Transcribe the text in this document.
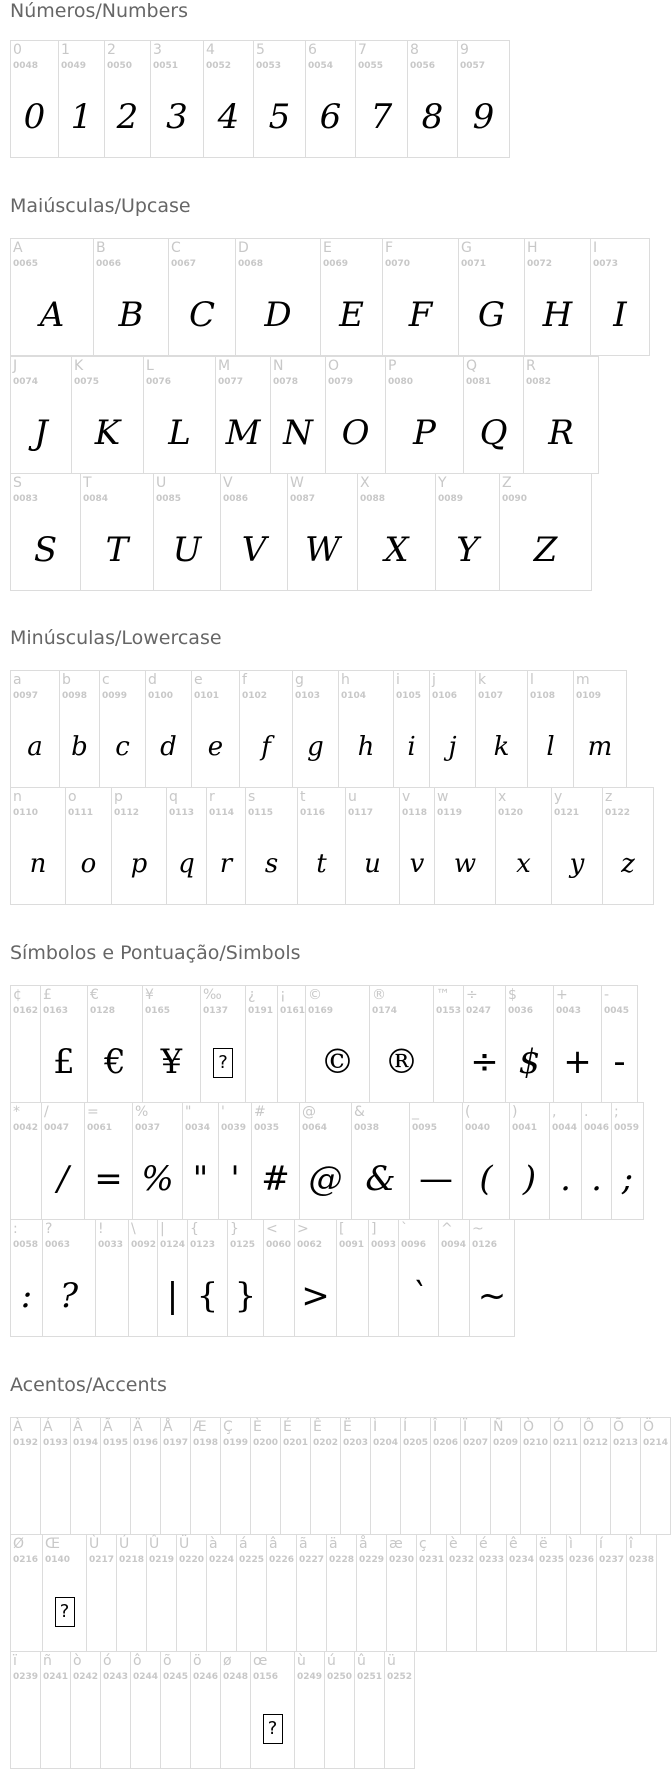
Números/Numbers
0
0048
0
1
0049
1
2
0050
2
3
0051
3
4
0052
4
5
0053
5
6
0054
6
7
0055
7
8
0056
8
9
0057
9
Maiúsculas/Upcase
A
0065
A
B
0066
B
C
0067
C
D
0068
D
E
0069
E
F
0070
F
G
0071
G
H
0072
H
I
0073
I
J
0074
J
K
0075
K
L
0076
L
M
0077
M
N
0078
N
O
0079
O
P
0080
P
Q
0081
Q
R
0082
R
S
0083
S
T
0084
T
U
0085
U
V
0086
V
W
0087
W
X
0088
X
Y
0089
Y
Z
0090
Z
Minúsculas/Lowercase
a
0097
a
b
0098
b
c
0099
c
d
0100
d
e
0101
e
f
0102
f
g
0103
g
h
0104
h
i
0105
i
j
0106
j
k
0107
k
l
0108
l
m
0109
m
n
0110
n
o
0111
o
p
0112
p
q
0113
q
r
0114
r
s
0115
s
t
0116
t
u
0117
u
v
0118
v
w
0119
w
x
0120
x
y
0121
y
z
0122
z
Símbolos e Pontuação/Simbols
¢
0162
£
0163
£
€
0128
€
¥
0165
¥
‰
0137
?
¿
0191
¡
0161
©
0169
©
®
0174
®
™
0153
÷
0247
÷
$
0036
$
+
0043
+
-
0045
-
*
0042
/
0047
/
=
0061
=
%
0037
%
"
0034
"
'
0039
'
#
0035
#
@
0064
@
&
0038
&
_
0095
—
(
0040
(
)
0041
)
,
0044
.
.
0046
.
;
0059
;
:
0058
:
?
0063
?
!
0033
\
0092
|
0124
|
{
0123
{
}
0125
}
<
0060
>
0062
>
[
0091
]
0093
`
0096
`
^
0094
~
0126
~
Acentos/Accents
À
0192
Á
0193
Â
0194
Ã
0195
Ä
0196
Å
0197
Æ
0198
Ç
0199
È
0200
É
0201
Ê
0202
Ë
0203
Ì
0204
Í
0205
Î
0206
Ï
0207
Ñ
0209
Ò
0210
Ó
0211
Ô
0212
Õ
0213
Ö
0214
Ø
0216
Œ
0140
?
Ù
0217
Ú
0218
Û
0219
Ü
0220
à
0224
á
0225
â
0226
ã
0227
ä
0228
å
0229
æ
0230
ç
0231
è
0232
é
0233
ê
0234
ë
0235
ì
0236
í
0237
î
0238
ï
0239
ñ
0241
ò
0242
ó
0243
ô
0244
õ
0245
ö
0246
ø
0248
œ
0156
?
ù
0249
ú
0250
û
0251
ü
0252
